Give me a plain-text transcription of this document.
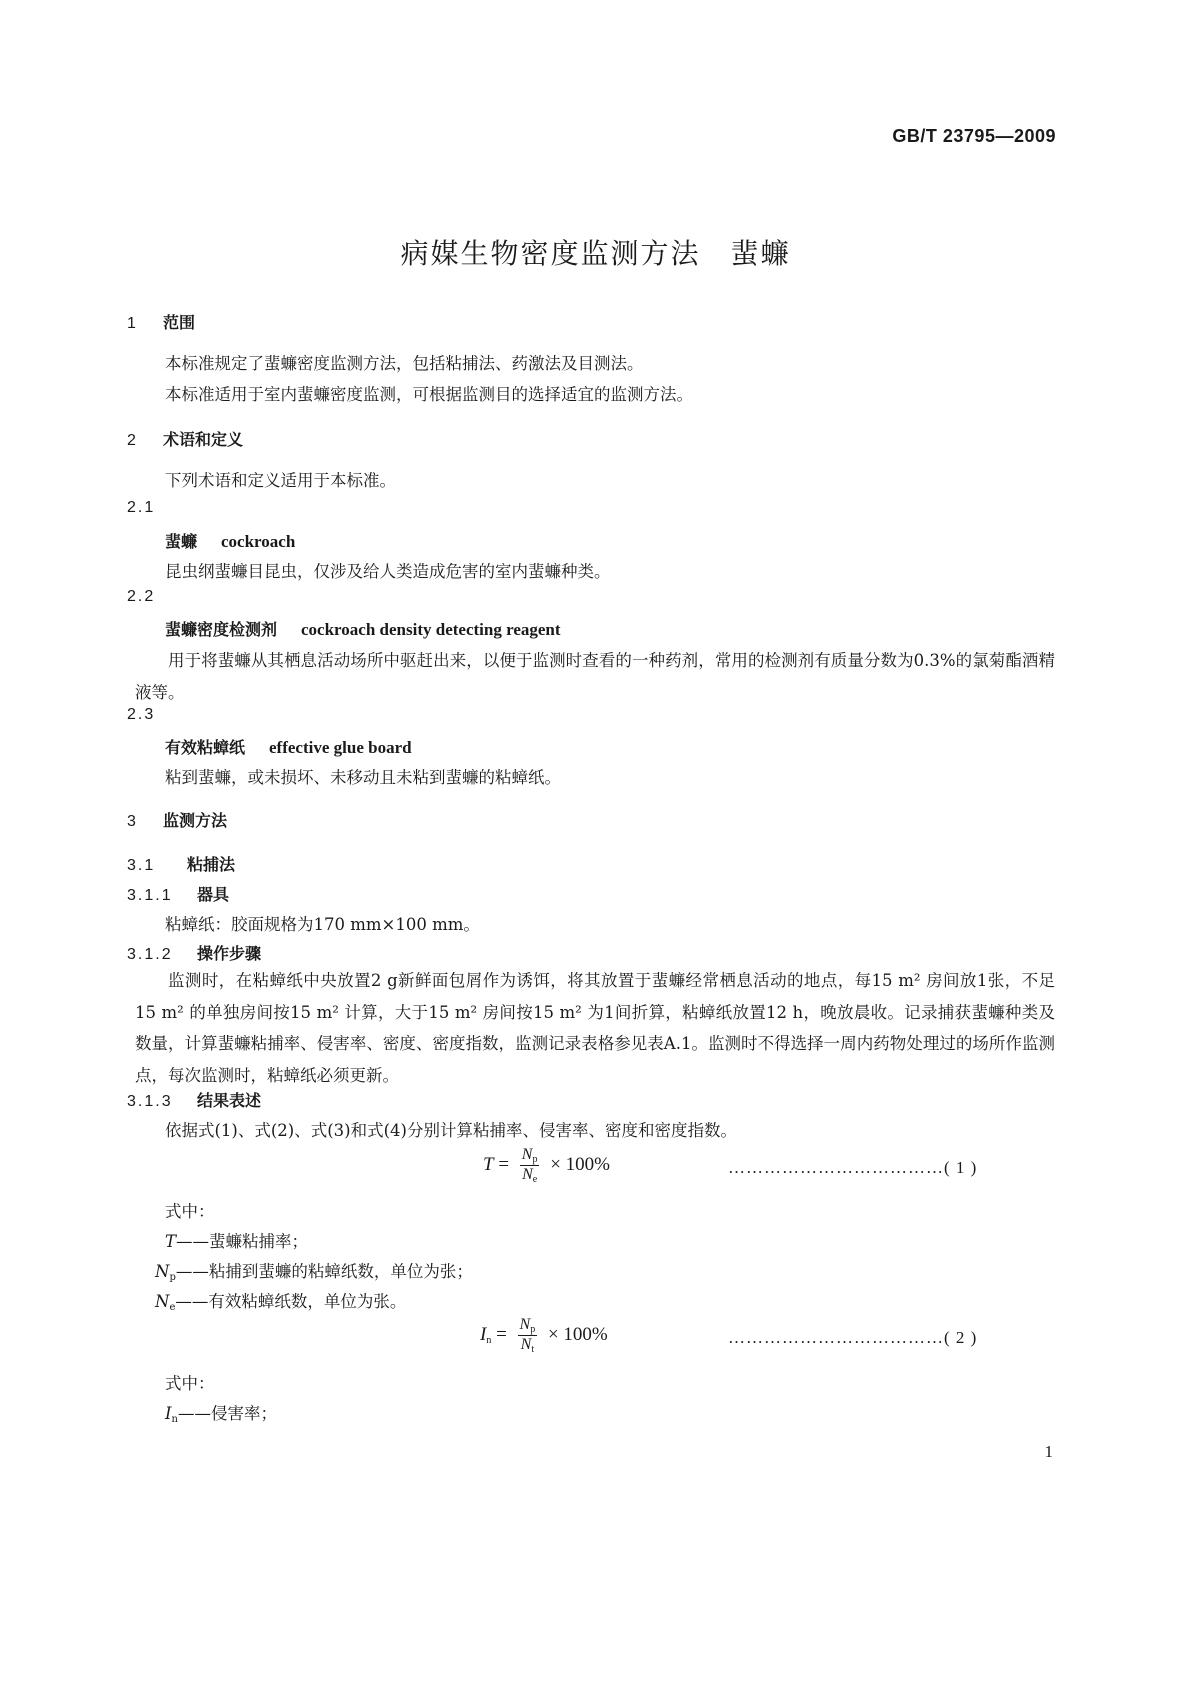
GB/T 23795—2009
病媒生物密度监测方法　蜚蠊
1 范围
本标准规定了蜚蠊密度监测方法，包括粘捕法、药激法及目测法。
本标准适用于室内蜚蠊密度监测，可根据监测目的选择适宜的监测方法。
2 术语和定义
下列术语和定义适用于本标准。
2.1
蜚蠊 cockroach
昆虫纲蜚蠊目昆虫，仅涉及给人类造成危害的室内蜚蠊种类。
2.2
蜚蠊密度检测剂 cockroach density detecting reagent
用于将蜚蠊从其栖息活动场所中驱赶出来，以便于监测时查看的一种药剂，常用的检测剂有质量分数为0.3%的氯菊酯酒精液等。
2.3
有效粘蟑纸 effective glue board
粘到蜚蠊，或未损坏、未移动且未粘到蜚蠊的粘蟑纸。
3 监测方法
3.1 粘捕法
3.1.1 器具
粘蟑纸：胶面规格为170 mm×100 mm。
3.1.2 操作步骤
监测时，在粘蟑纸中央放置2 g新鲜面包屑作为诱饵，将其放置于蜚蠊经常栖息活动的地点，每15 m² 房间放1张，不足15 m² 的单独房间按15 m² 计算，大于15 m² 房间按15 m² 为1间折算，粘蟑纸放置12 h，晚放晨收。记录捕获蜚蠊种类及数量，计算蜚蠊粘捕率、侵害率、密度、密度指数，监测记录表格参见表A.1。监测时不得选择一周内药物处理过的场所作监测点，每次监测时，粘蟑纸必须更新。
3.1.3 结果表述
依据式(1)、式(2)、式(3)和式(4)分别计算粘捕率、侵害率、密度和密度指数。
$T = \frac{Np}{Ne} \times 100\%$	………………………………( 1 )
式中：
T——蜚蠊粘捕率；
Np——粘捕到蜚蠊的粘蟑纸数，单位为张；
Ne——有效粘蟑纸数，单位为张。
$In = \frac{Np}{Nt} \times 100\%$	………………………………( 2 )
式中：
In——侵害率；
1
